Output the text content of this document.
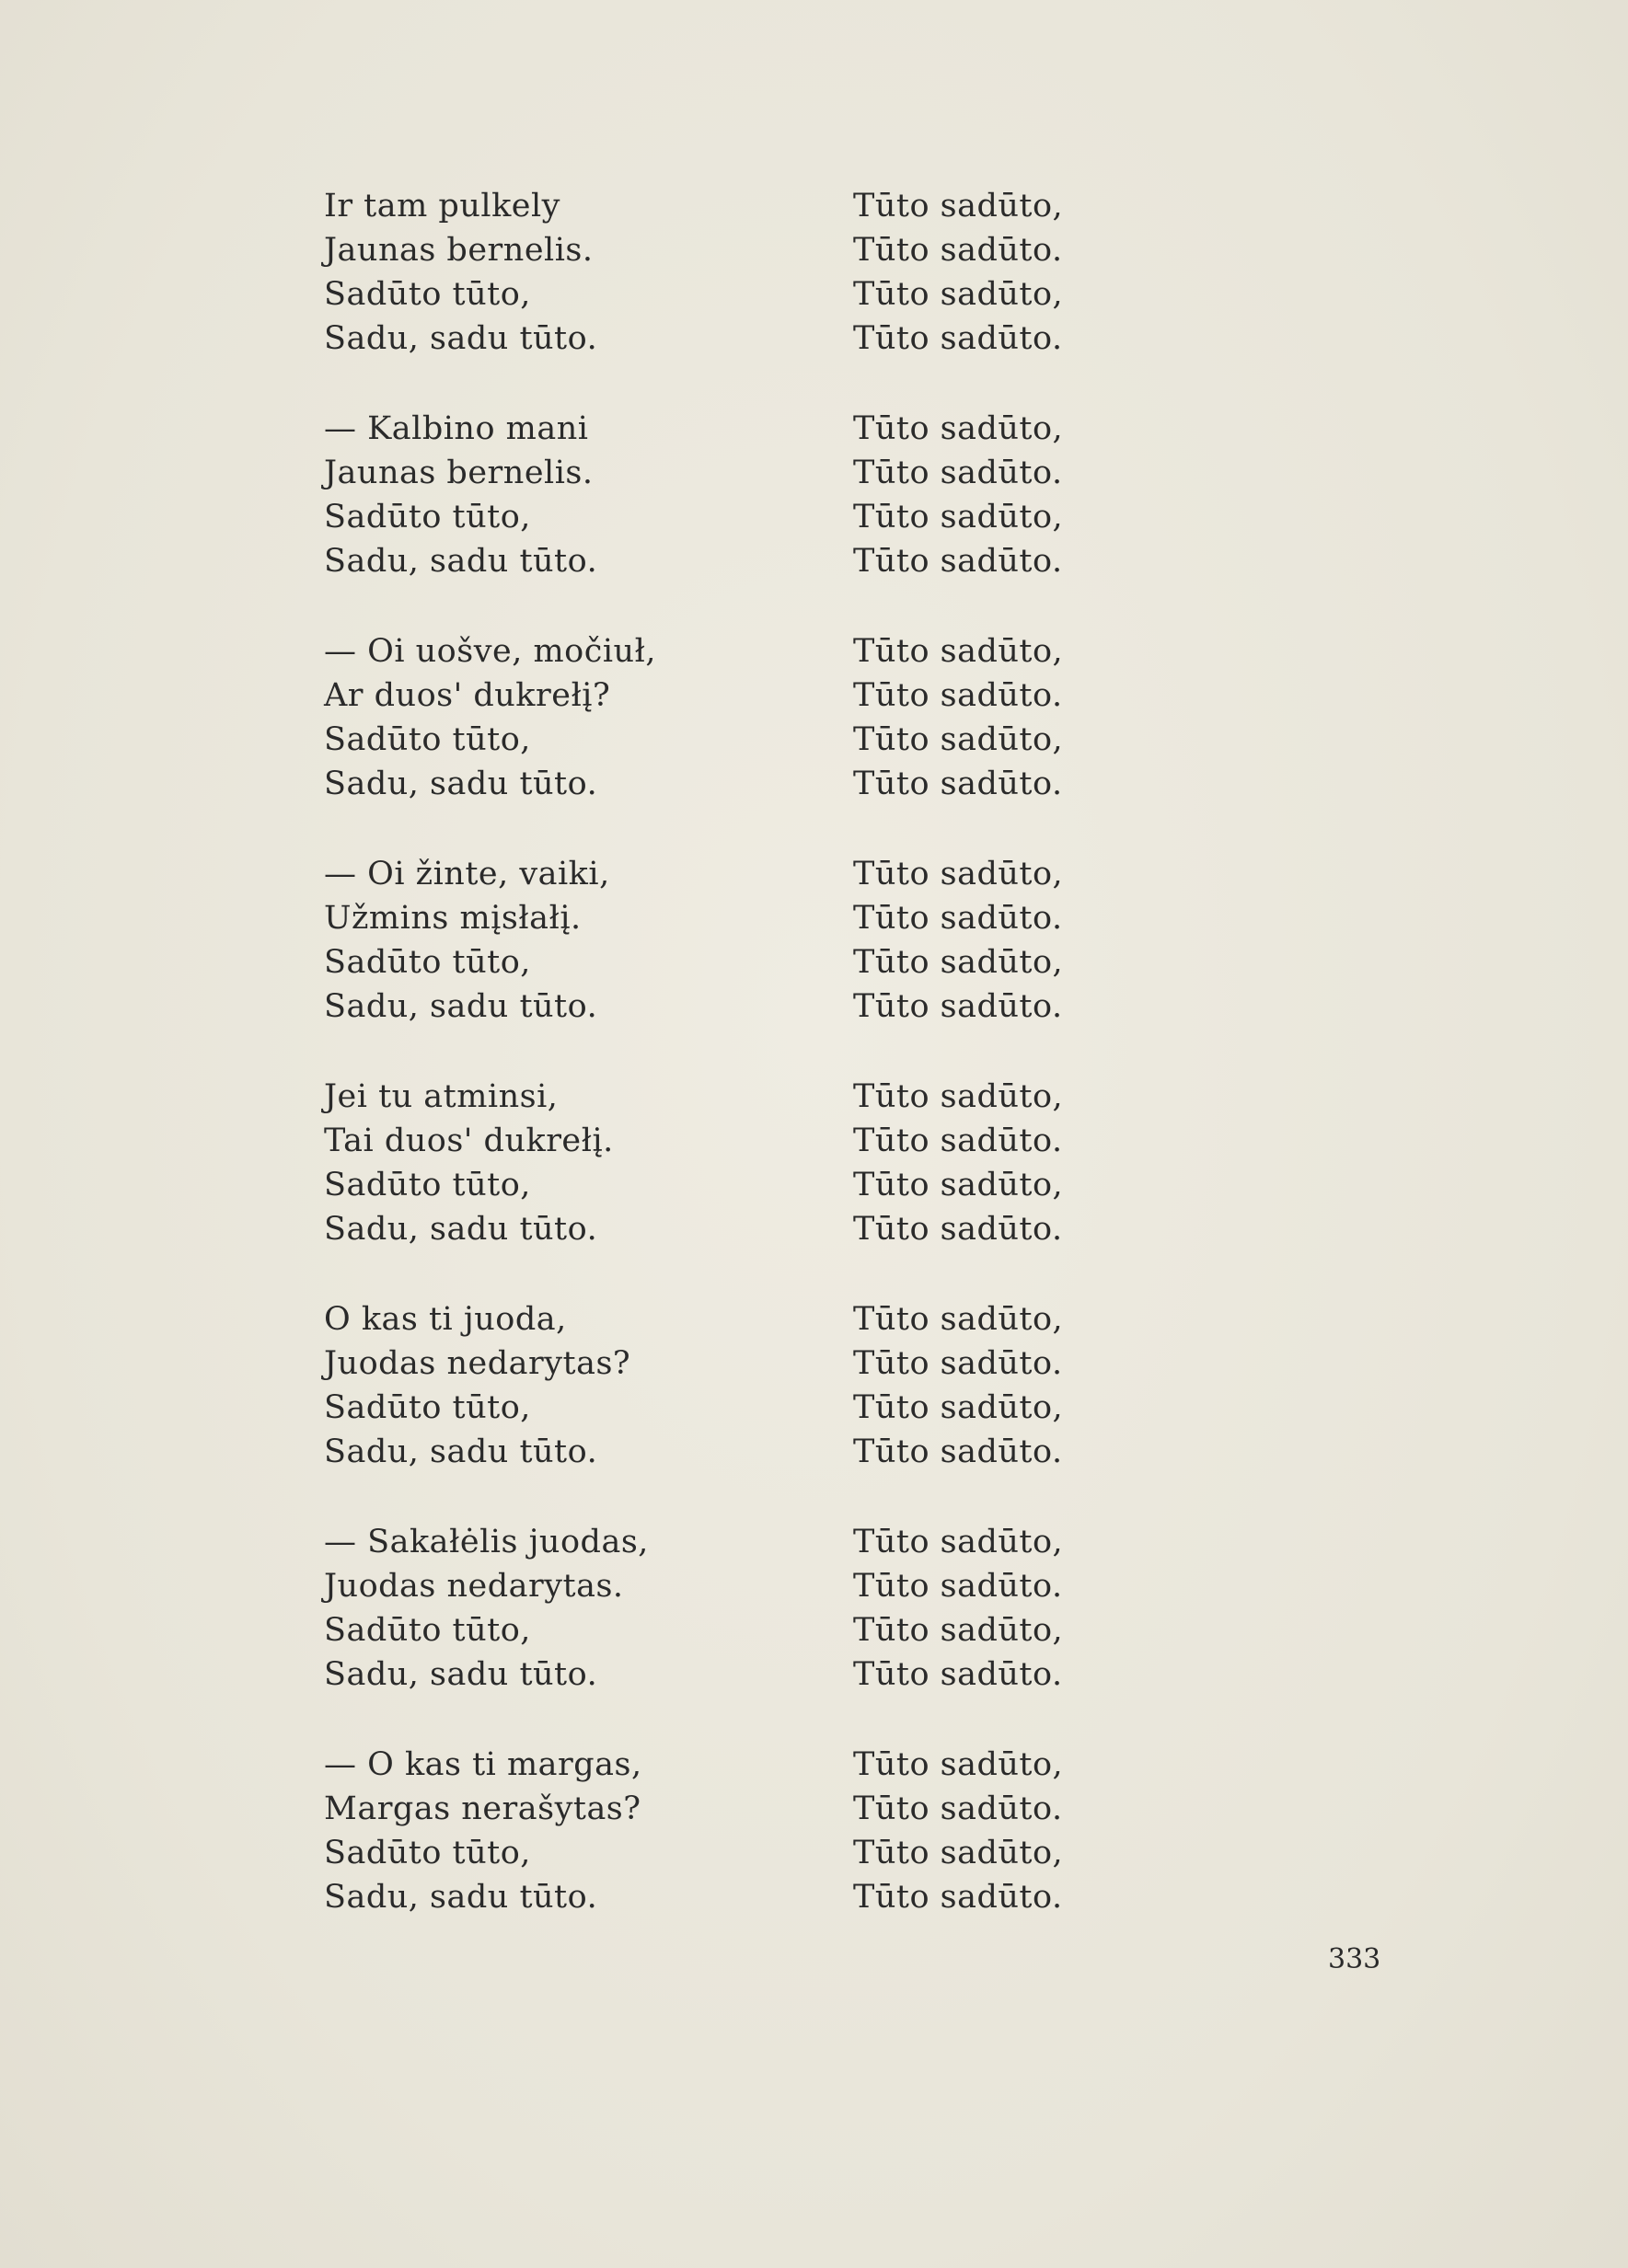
Ir tam pulkely	Tūto sadūto,
Jaunas bernelis.	Tūto sadūto.
Sadūto tūto,	Tūto sadūto,
Sadu, sadu tūto.	Tūto sadūto.
— Kalbino mani	Tūto sadūto,
Jaunas bernelis.	Tūto sadūto.
Sadūto tūto,	Tūto sadūto,
Sadu, sadu tūto.	Tūto sadūto.
— Oi uošve, močiuł,	Tūto sadūto,
Ar duos' dukrełį?	Tūto sadūto.
Sadūto tūto,	Tūto sadūto,
Sadu, sadu tūto.	Tūto sadūto.
— Oi žinte, vaiki,	Tūto sadūto,
Užmins mįsłałį.	Tūto sadūto.
Sadūto tūto,	Tūto sadūto,
Sadu, sadu tūto.	Tūto sadūto.
Jei tu atminsi,	Tūto sadūto,
Tai duos' dukrełį.	Tūto sadūto.
Sadūto tūto,	Tūto sadūto,
Sadu, sadu tūto.	Tūto sadūto.
O kas ti juoda,	Tūto sadūto,
Juodas nedarytas?	Tūto sadūto.
Sadūto tūto,	Tūto sadūto,
Sadu, sadu tūto.	Tūto sadūto.
— Sakałėlis juodas,	Tūto sadūto,
Juodas nedarytas.	Tūto sadūto.
Sadūto tūto,	Tūto sadūto,
Sadu, sadu tūto.	Tūto sadūto.
— O kas ti margas,	Tūto sadūto,
Margas nerašytas?	Tūto sadūto.
Sadūto tūto,	Tūto sadūto,
Sadu, sadu tūto.	Tūto sadūto.
333
